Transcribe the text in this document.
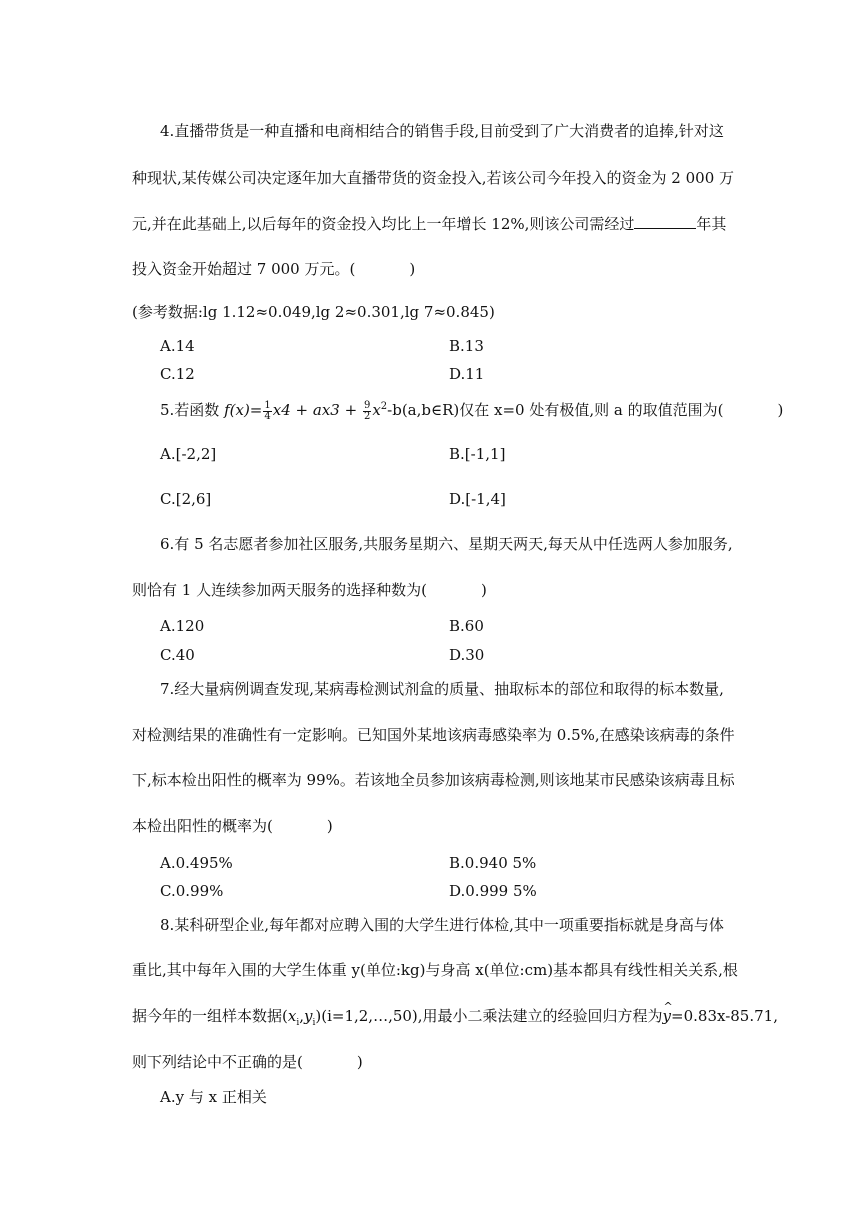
4.直播带货是一种直播和电商相结合的销售手段,目前受到了广大消费者的追捧,针对这
种现状,某传媒公司决定逐年加大直播带货的资金投入,若该公司今年投入的资金为 2 000 万
元,并在此基础上,以后每年的资金投入均比上一年增长 12%,则该公司需经过	年其
投入资金开始超过 7 000 万元。(	)
(参考数据:lg 1.12≈0.049,lg 2≈0.301,lg 7≈0.845)
A.14	B.13
C.12	D.11
5.若函数 $f(x)= \frac{1}{4} x4 + ax3 + \frac{9}{2}$ $x^2-b(a,b\in R)$仅在 x=0 处有极值,则 a 的取值范围为(	)
A.[-2,2]	B.[-1,1]
C.[2,6]	D.[-1,4]
6.有 5 名志愿者参加社区服务,共服务星期六、星期天两天,每天从中任选两人参加服务,
则恰有 1 人连续参加两天服务的选择种数为(	)
A.120	B.60
C.40	D.30
7.经大量病例调查发现,某病毒检测试剂盒的质量、抽取标本的部位和取得的标本数量,
对检测结果的准确性有一定影响。已知国外某地该病毒感染率为 0.5%,在感染该病毒的条件
下,标本检出阳性的概率为 99%。若该地全员参加该病毒检测,则该地某市民感染该病毒且标
本检出阳性的概率为(	)
A.0.495%	B.0.940 5%
C.0.99%	D.0.999 5%
8.某科研型企业,每年都对应聘入围的大学生进行体检,其中一项重要指标就是身高与体
重比,其中每年入围的大学生体重 y(单位:kg)与身高 x(单位:cm)基本都具有线性相关关系,根
据今年的一组样本数据$(x_i,y_i)(i=1,2,\dots,50)$,用最小二乘法建立的经验回归方程为^ y=0.83x-85.71,
则下列结论中不正确的是(	)
A.y 与 x 正相关
